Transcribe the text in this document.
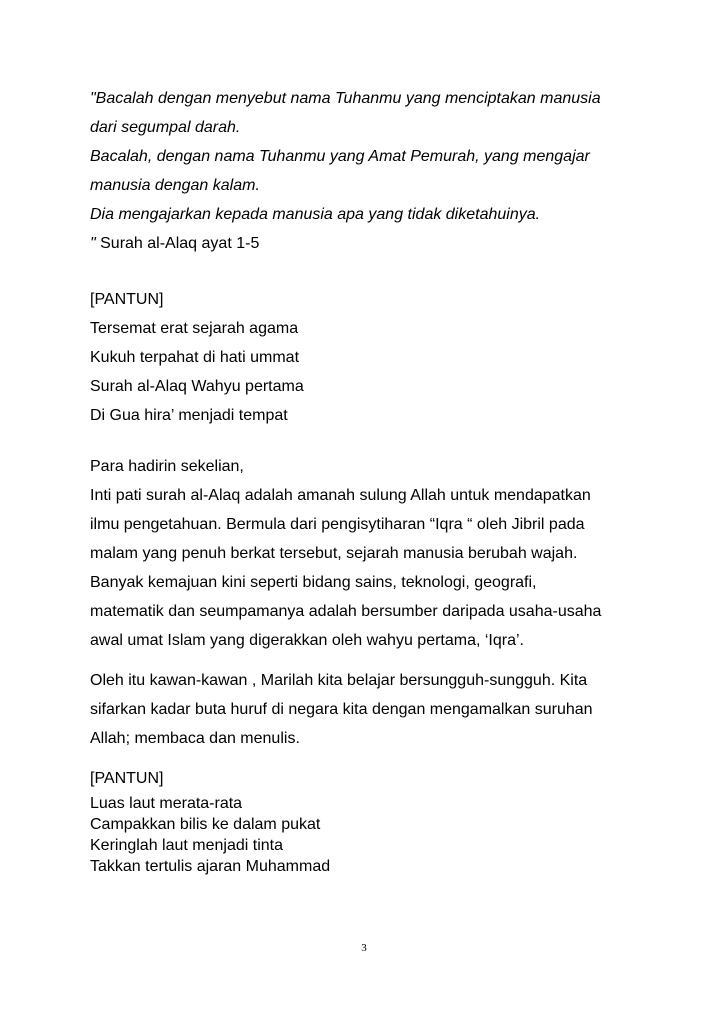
"Bacalah dengan menyebut nama Tuhanmu yang menciptakan manusia
dari segumpal darah.
Bacalah, dengan nama Tuhanmu yang Amat Pemurah, yang mengajar
manusia dengan kalam.
Dia mengajarkan kepada manusia apa yang tidak diketahuinya.
" Surah al-Alaq ayat 1-5
[PANTUN]
Tersemat erat sejarah agama
Kukuh terpahat di hati ummat
Surah al-Alaq Wahyu pertama
Di Gua hira’ menjadi tempat
Para hadirin sekelian,
Inti pati surah al-Alaq adalah amanah sulung Allah untuk mendapatkan
ilmu pengetahuan. Bermula dari pengisytiharan “Iqra “ oleh Jibril pada
malam yang penuh berkat tersebut, sejarah manusia berubah wajah.
Banyak kemajuan kini seperti bidang sains, teknologi, geografi,
matematik dan seumpamanya adalah bersumber daripada usaha-usaha
awal umat Islam yang digerakkan oleh wahyu pertama, ‘Iqra’.
Oleh itu kawan-kawan , Marilah kita belajar bersungguh-sungguh. Kita
sifarkan kadar buta huruf di negara kita dengan mengamalkan suruhan
Allah; membaca dan menulis.
[PANTUN]
Luas laut merata-rata
Campakkan bilis ke dalam pukat
Keringlah laut menjadi tinta
Takkan tertulis ajaran Muhammad
3
